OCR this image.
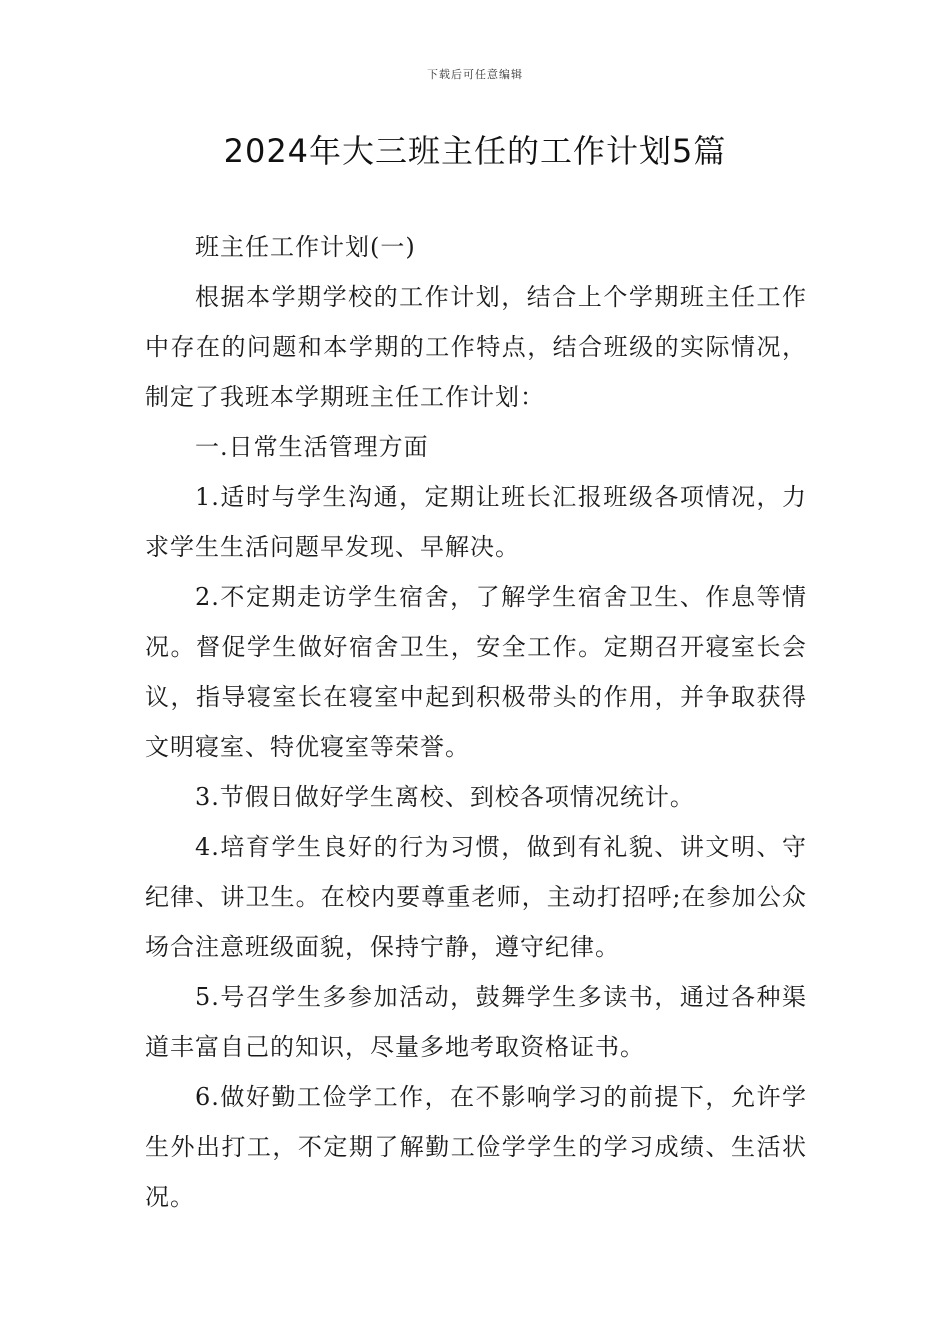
下载后可任意编辑
2024年大三班主任的工作计划5篇

班主任工作计划(一)

根据本学期学校的工作计划，结合上个学期班主任工作中存在的问题和本学期的工作特点，结合班级的实际情况，制定了我班本学期班主任工作计划：

一.日常生活管理方面

1.适时与学生沟通，定期让班长汇报班级各项情况，力求学生生活问题早发现、早解决。

2.不定期走访学生宿舍，了解学生宿舍卫生、作息等情况。督促学生做好宿舍卫生，安全工作。定期召开寝室长会议，指导寝室长在寝室中起到积极带头的作用，并争取获得文明寝室、特优寝室等荣誉。

3.节假日做好学生离校、到校各项情况统计。

4.培育学生良好的行为习惯，做到有礼貌、讲文明、守纪律、讲卫生。在校内要尊重老师，主动打招呼;在参加公众场合注意班级面貌，保持宁静，遵守纪律。

5.号召学生多参加活动，鼓舞学生多读书，通过各种渠道丰富自己的知识，尽量多地考取资格证书。

6.做好勤工俭学工作，在不影响学习的前提下，允许学生外出打工，不定期了解勤工俭学学生的学习成绩、生活状况。
